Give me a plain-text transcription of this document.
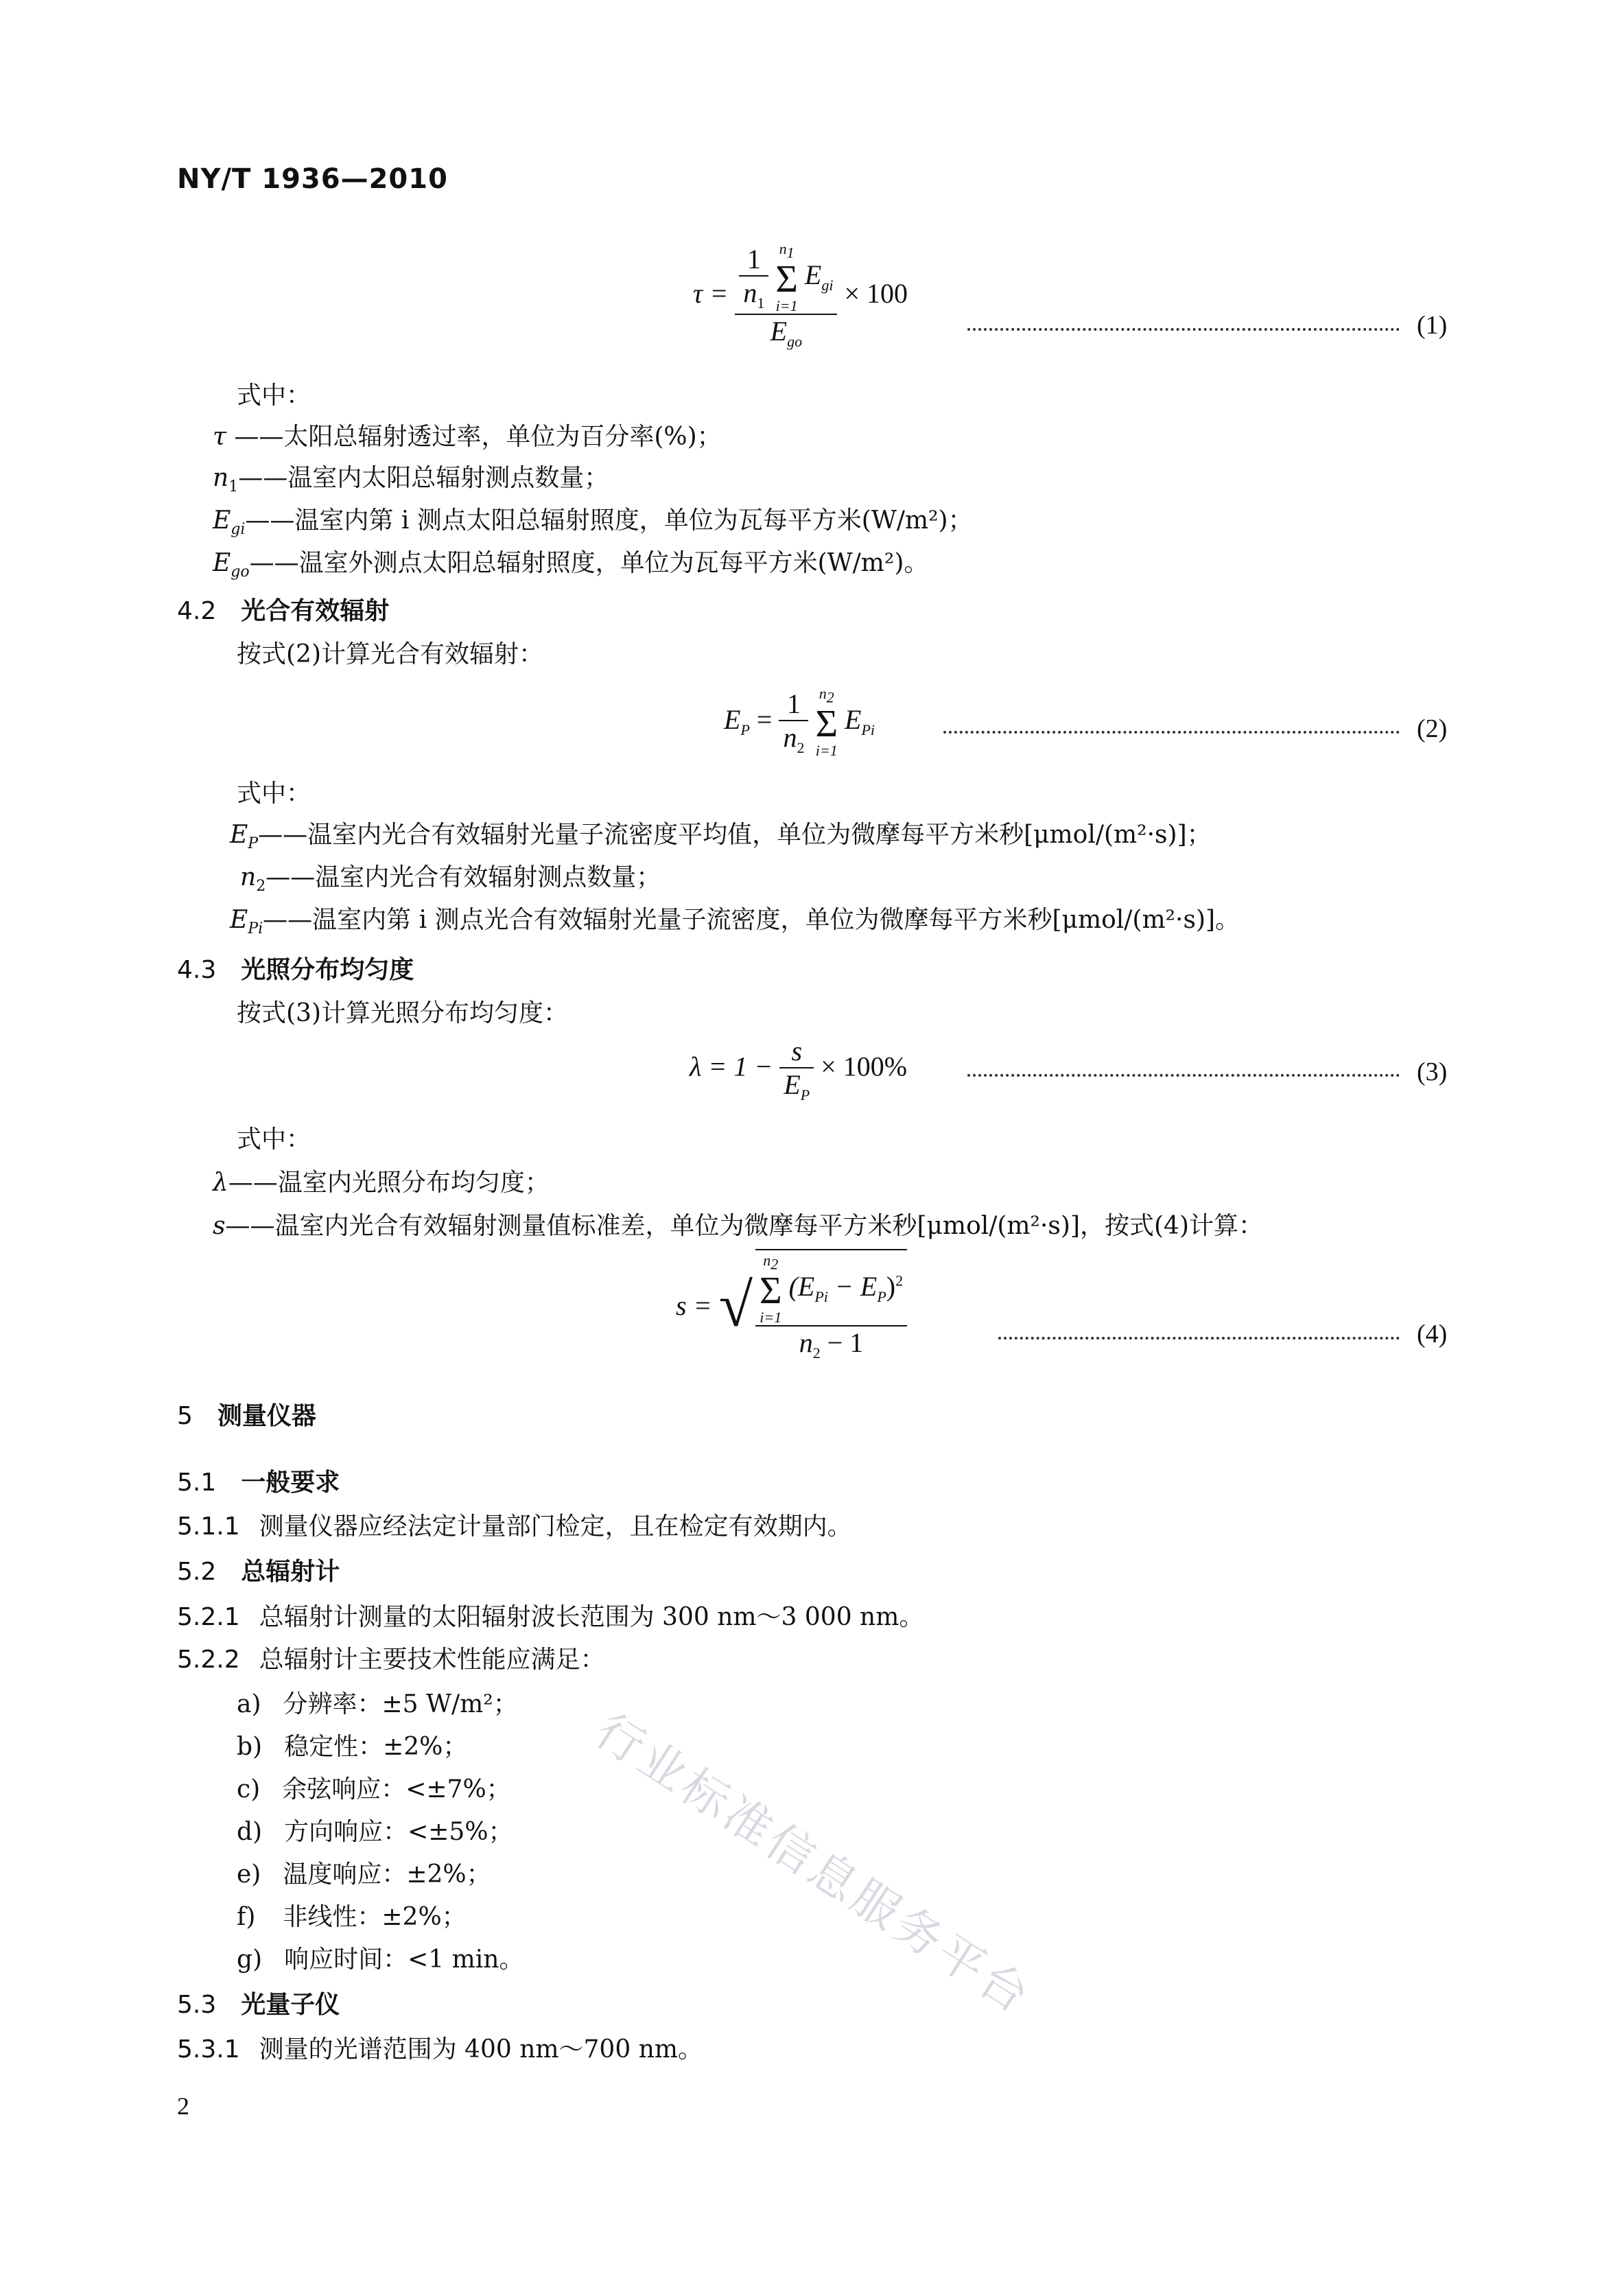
NY/T 1936—2010
行业标准信息服务平台
$\tau = \frac{1}{n_1}$
$n_1$
Σ
i=1
$E_{gi}$
$E_{go}$
× 100
(1)
式中：
τ ——太阳总辐射透过率，单位为百分率(%)；
$n_1——$温室内太阳总辐射测点数量；
$E_{gi}——$温室内第 i 测点太阳总辐射照度，单位为瓦每平方米(W/m²)；
$E_{go}——$温室外测点太阳总辐射照度，单位为瓦每平方米(W/m²)。
4.2 光合有效辐射
按式(2)计算光合有效辐射：
$E_P = \frac{1}{n_2}$
$n_2$
Σ
i=1
$E_{Pi}$	(2)
式中：
$E_P——$温室内光合有效辐射光量子流密度平均值，单位为微摩每平方米秒[μmol/(m²·s)]；
$n_2——$温室内光合有效辐射测点数量；
$E_{Pi}——$温室内第 i 测点光合有效辐射光量子流密度，单位为微摩每平方米秒[μmol/(m²·s)]。
4.3 光照分布均匀度
按式(3)计算光照分布均匀度：
$\lambda = 1 - \frac{s}{E_P} \times 100\%$	(3)
式中：
λ——温室内光照分布均匀度；
s——温室内光合有效辐射测量值标准差，单位为微摩每平方米秒[μmol/(m²·s)]，按式(4)计算：
s = √ $n_2$
Σ
i=1
$(E_{Pi} - E_P)^2$
$n_2 - 1$	(4)
5 测量仪器
5.1 一般要求
5.1.1 测量仪器应经法定计量部门检定，且在检定有效期内。
5.2 总辐射计
5.2.1 总辐射计测量的太阳辐射波长范围为 300 nm～3 000 nm。
5.2.2 总辐射计主要技术性能应满足：
a) 分辨率：±5 W/m²；
b) 稳定性：±2%；
c) 余弦响应：<±7%；
d) 方向响应：<±5%；
e) 温度响应：±2%；
f) 非线性：±2%；
g) 响应时间：<1 min。
5.3 光量子仪
5.3.1 测量的光谱范围为 400 nm～700 nm。
2
